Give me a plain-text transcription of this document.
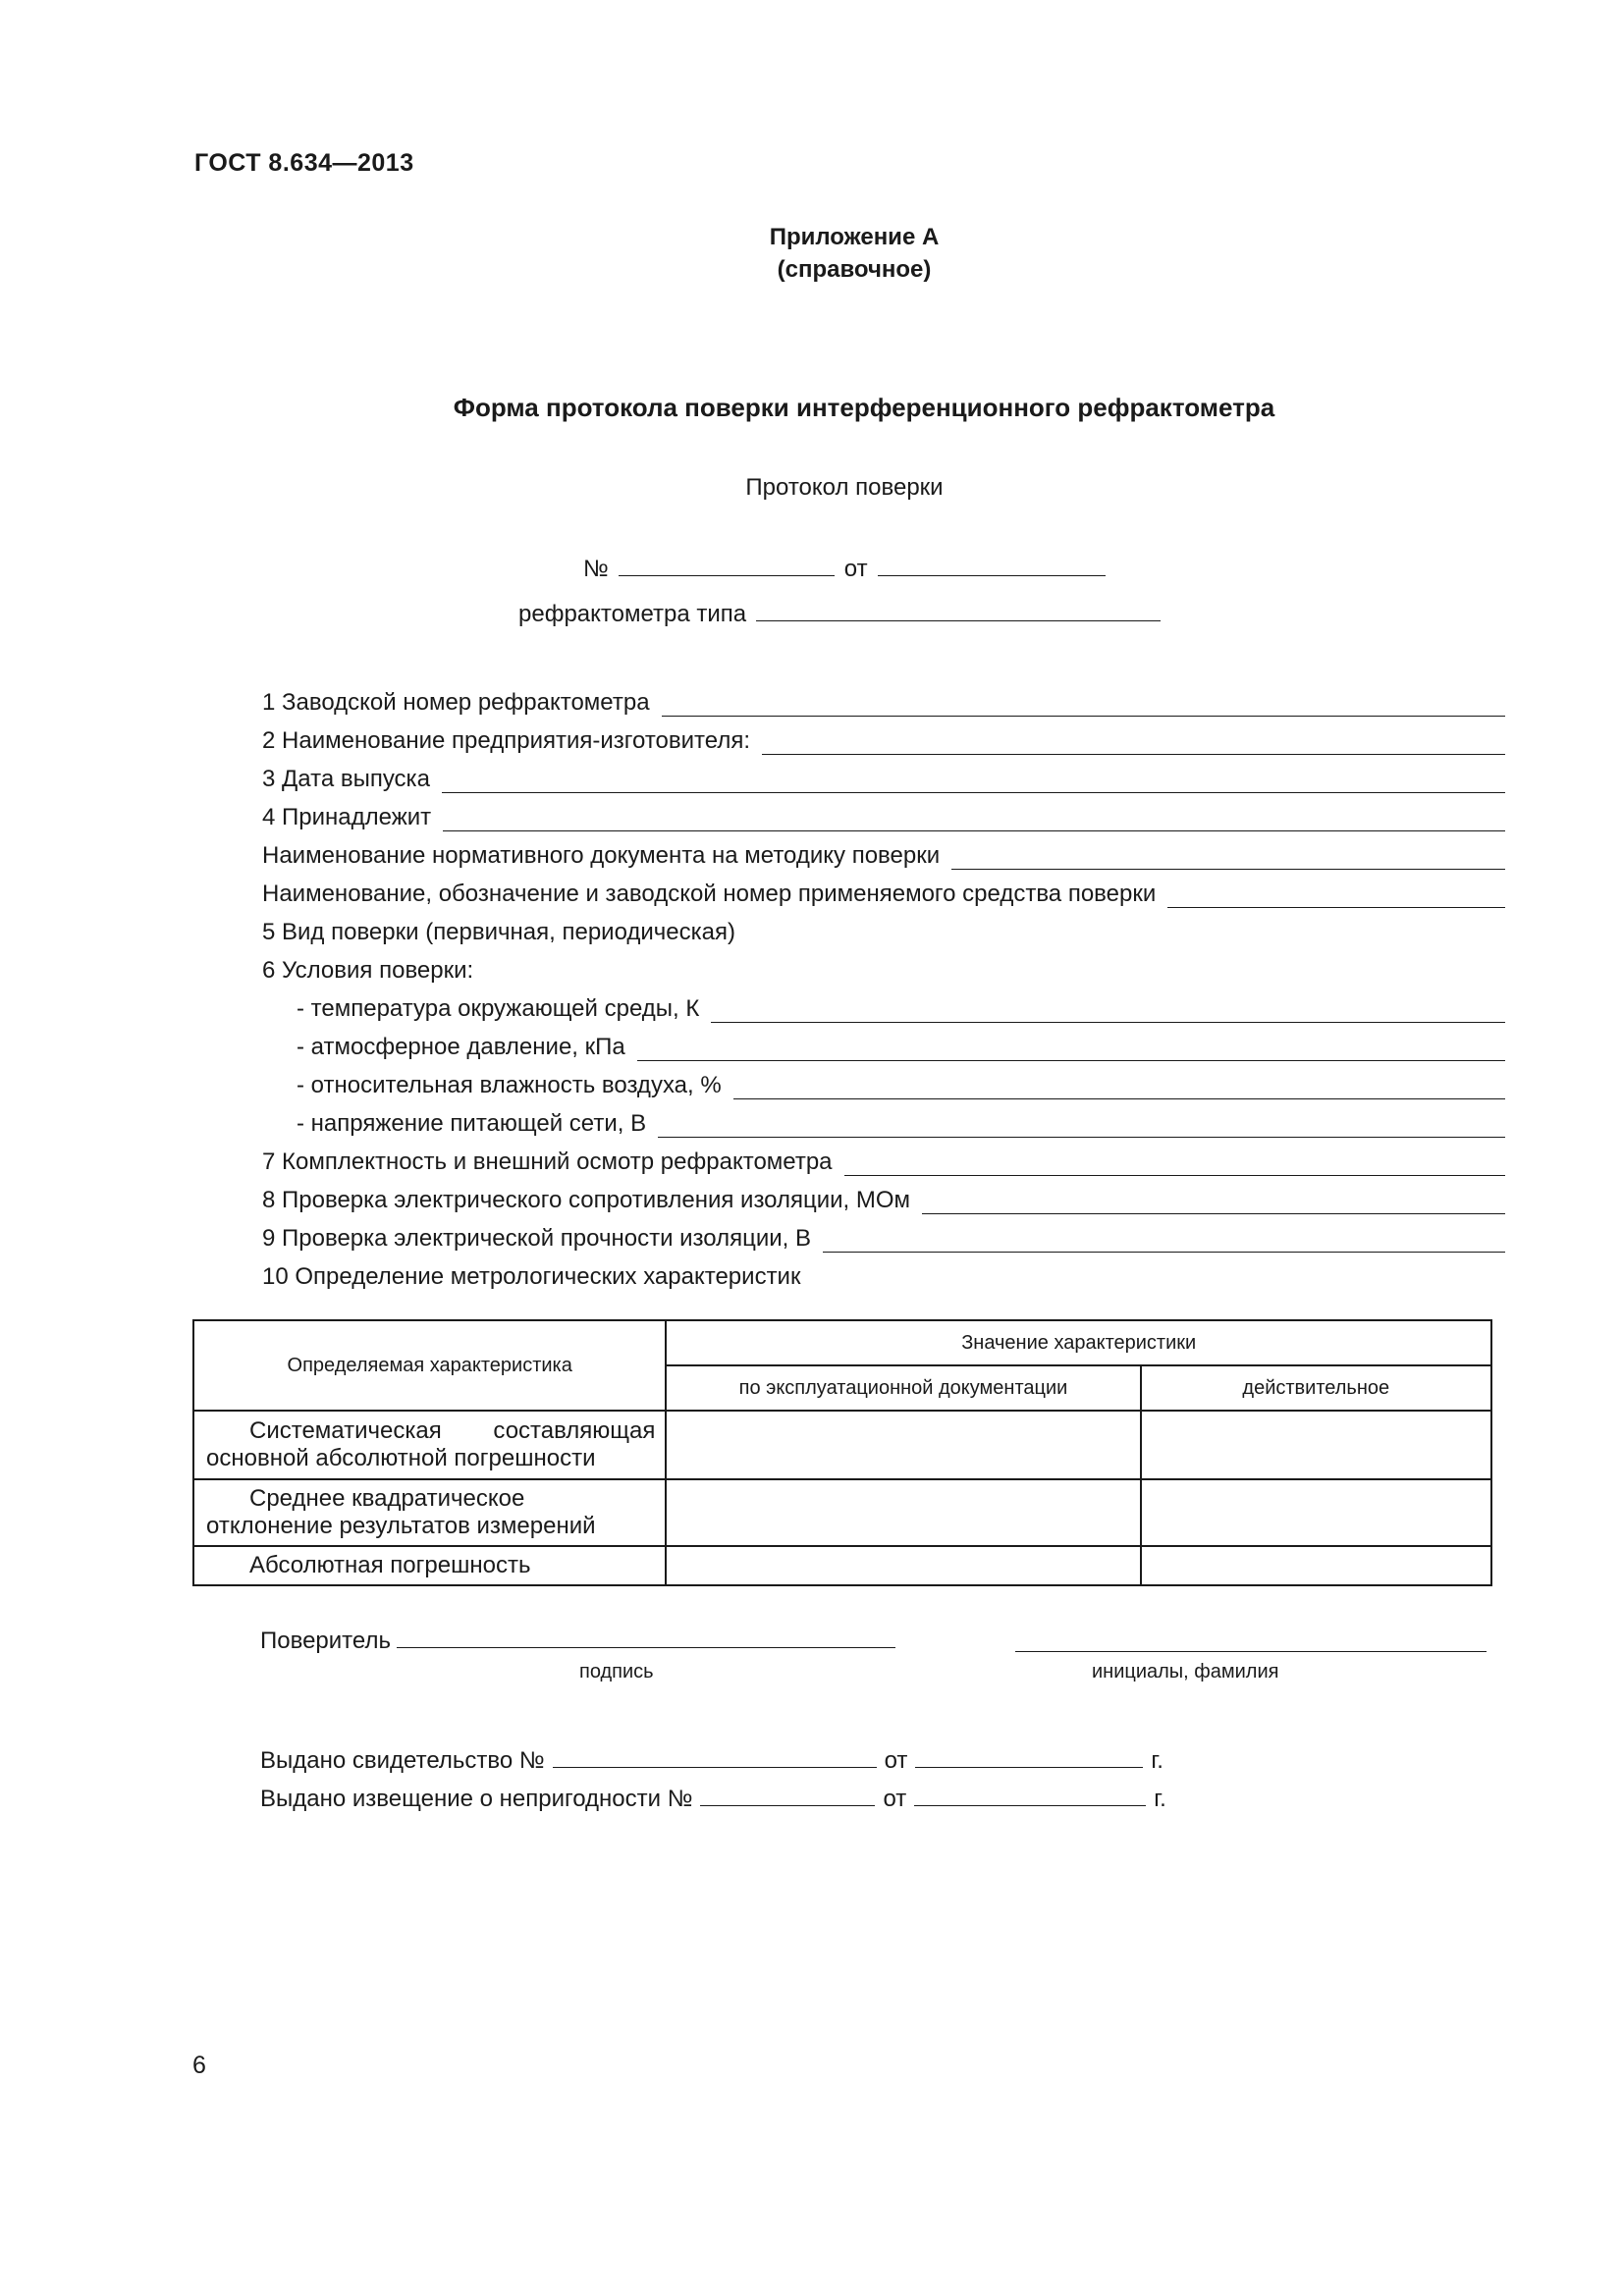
ГОСТ 8.634—2013
Приложение А
(справочное)
Форма протокола поверки интерференционного рефрактометра
Протокол поверки
№	от
рефрактометра типа
1 Заводской номер рефрактометра
2 Наименование предприятия-изготовителя:
3 Дата выпуска
4 Принадлежит
Наименование нормативного документа на методику поверки
Наименование, обозначение и заводской номер применяемого средства поверки
5 Вид поверки (первичная, периодическая)
6 Условия поверки:
- температура окружающей среды, К
- атмосферное давление, кПа
- относительная влажность воздуха, %
- напряжение питающей сети, В
7 Комплектность и внешний осмотр рефрактометра
8 Проверка электрического сопротивления изоляции, МОм
9 Проверка электрической прочности изоляции, В
10 Определение метрологических характеристик
Определяемая характеристика	Значение характеристики	
	по эксплуатационной документации	действительное
Систематическая составляющая основной абсолютной погрешности		
Среднее квадратическое отклонение результатов измерений		
Абсолютная погрешность		
Поверитель
подпись	инициалы, фамилия
Выдано свидетельство №	от	г.
Выдано извещение о непригодности №	от	г.
6
